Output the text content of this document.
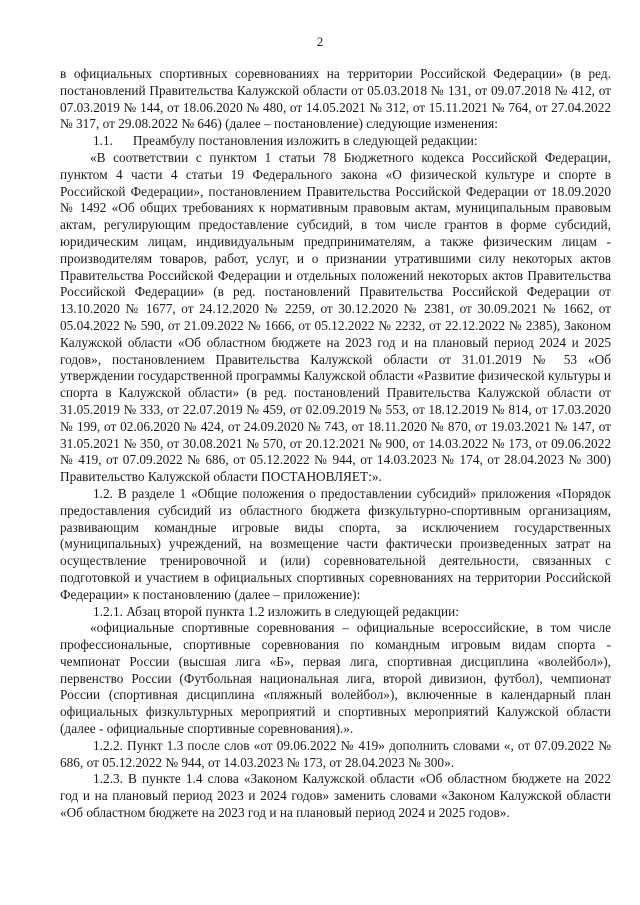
2

в официальных спортивных соревнованиях на территории Российской Федерации» (в ред. постановлений Правительства Калужской области от 05.03.2018 № 131, от 09.07.2018 № 412, от 07.03.2019 № 144, от 18.06.2020 № 480, от 14.05.2021 № 312, от 15.11.2021 № 764, от 27.04.2022 № 317, от 29.08.2022 № 646) (далее – постановление) следующие изменения:

1.1.      Преамбулу постановления изложить в следующей редакции:

«В соответствии с пунктом 1 статьи 78 Бюджетного кодекса Российской Федерации, пунктом 4 части 4 статьи 19 Федерального закона «О физической культуре и спорте в Российской Федерации», постановлением Правительства Российской Федерации от 18.09.2020 № 1492 «Об общих требованиях к нормативным правовым актам, муниципальным правовым актам, регулирующим предоставление субсидий, в том числе грантов в форме субсидий, юридическим лицам, индивидуальным предпринимателям, а также физическим лицам - производителям товаров, работ, услуг, и о признании утратившими силу некоторых актов Правительства Российской Федерации и отдельных положений некоторых актов Правительства Российской Федерации» (в ред. постановлений Правительства Российской Федерации от 13.10.2020 № 1677, от 24.12.2020 № 2259, от 30.12.2020 № 2381, от 30.09.2021 № 1662, от 05.04.2022 № 590, от 21.09.2022 № 1666, от 05.12.2022 № 2232, от 22.12.2022 № 2385), Законом Калужской области «Об областном бюджете на 2023 год и на плановый период 2024 и 2025 годов», постановлением Правительства Калужской области от 31.01.2019 № 53 «Об утверждении государственной программы Калужской области «Развитие физической культуры и спорта в Калужской области» (в ред. постановлений Правительства Калужской области от 31.05.2019 № 333, от 22.07.2019 № 459, от 02.09.2019 № 553, от 18.12.2019 № 814, от 17.03.2020 № 199, от 02.06.2020 № 424, от 24.09.2020 № 743, от 18.11.2020 № 870, от 19.03.2021 № 147, от 31.05.2021 № 350, от 30.08.2021 № 570, от 20.12.2021 № 900, от 14.03.2022 № 173, от 09.06.2022 № 419, от 07.09.2022 № 686, от 05.12.2022 № 944, от 14.03.2023 № 174, от 28.04.2023 № 300) Правительство Калужской области ПОСТАНОВЛЯЕТ:».

1.2. В разделе 1 «Общие положения о предоставлении субсидий» приложения «Порядок предоставления субсидий из областного бюджета физкультурно-спортивным организациям, развивающим командные игровые виды спорта, за исключением государственных (муниципальных) учреждений, на возмещение части фактически произведенных затрат на осуществление тренировочной и (или) соревновательной деятельности, связанных с подготовкой и участием в официальных спортивных соревнованиях на территории Российской Федерации» к постановлению (далее – приложение):

1.2.1. Абзац второй пункта 1.2 изложить в следующей редакции:

«официальные спортивные соревнования – официальные всероссийские, в том числе профессиональные, спортивные соревнования по командным игровым видам спорта - чемпионат России (высшая лига «Б», первая лига, спортивная дисциплина «волейбол»), первенство России (Футбольная национальная лига, второй дивизион, футбол), чемпионат России (спортивная дисциплина «пляжный волейбол»), включенные в календарный план официальных физкультурных мероприятий и спортивных мероприятий Калужской области (далее - официальные спортивные соревнования).».

1.2.2. Пункт 1.3 после слов «от 09.06.2022 № 419» дополнить словами «, от 07.09.2022 № 686, от 05.12.2022 № 944, от 14.03.2023 № 173, от 28.04.2023 № 300».

1.2.3. В пункте 1.4 слова «Законом Калужской области «Об областном бюджете на 2022 год и на плановый период 2023 и 2024 годов» заменить словами «Законом Калужской области «Об областном бюджете на 2023 год и на плановый период 2024 и 2025 годов».
